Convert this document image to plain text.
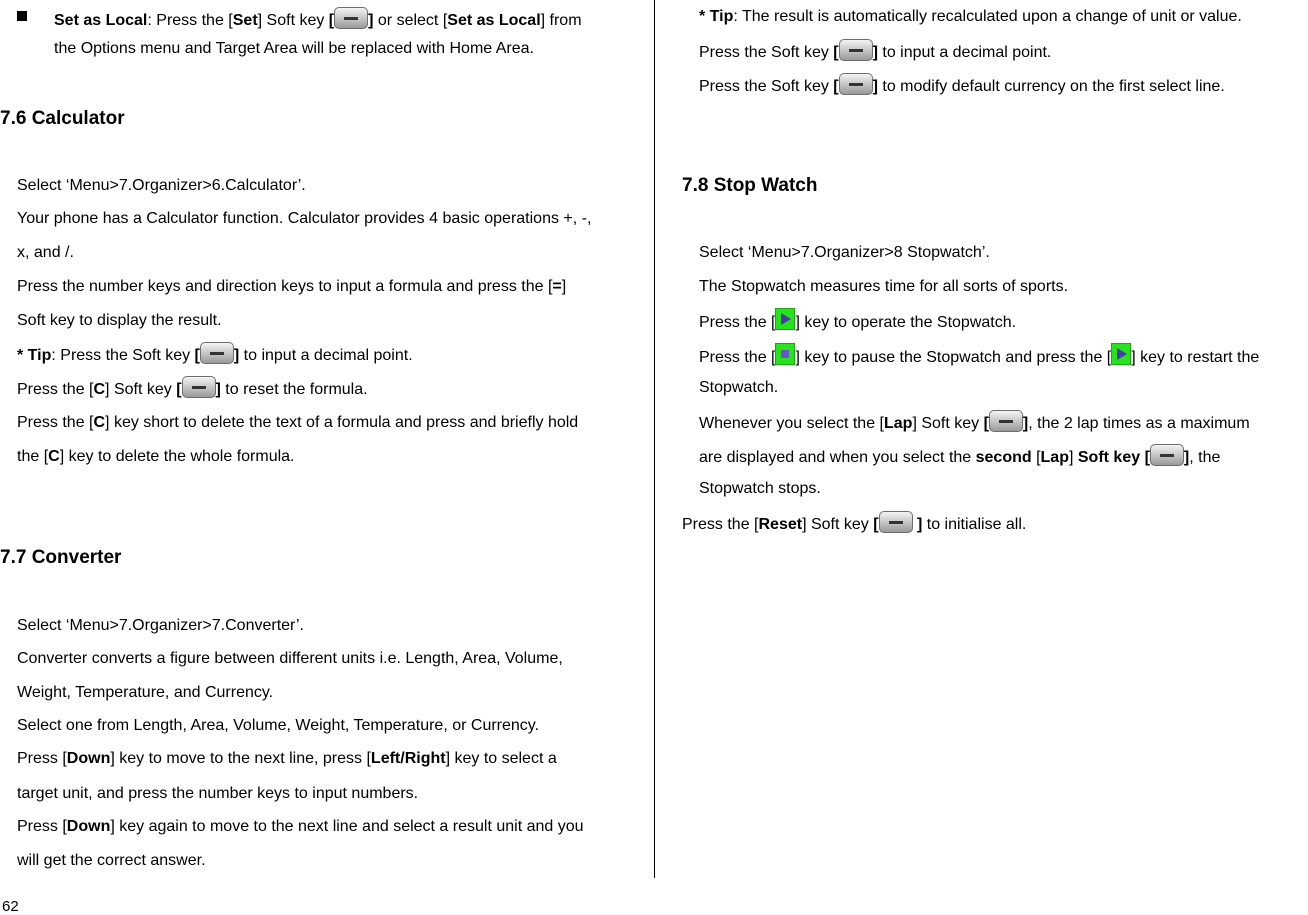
Set as Local: Press the [Set] Soft key [ ] or select [Set as Local] from

the Options menu and Target Area will be replaced with Home Area.

7.6 Calculator

Select ‘Menu>7.Organizer>6.Calculator’.

Your phone has a Calculator function. Calculator provides 4 basic operations +, -,

x, and /.

Press the number keys and direction keys to input a formula and press the [=]

Soft key to display the result.

* Tip: Press the Soft key [ ] to input a decimal point.

Press the [C] Soft key [ ] to reset the formula.

Press the [C] key short to delete the text of a formula and press and briefly hold

the [C] key to delete the whole formula.

7.7 Converter

Select ‘Menu>7.Organizer>7.Converter’.

Converter converts a figure between different units i.e. Length, Area, Volume,

Weight, Temperature, and Currency.

Select one from Length, Area, Volume, Weight, Temperature, or Currency.

Press [Down] key to move to the next line, press [Left/Right] key to select a

target unit, and press the number keys to input numbers.

Press [Down] key again to move to the next line and select a result unit and you

will get the correct answer.

* Tip: The result is automatically recalculated upon a change of unit or value.

Press the Soft key [ ] to input a decimal point.

Press the Soft key [ ] to modify default currency on the first select line.

7.8 Stop Watch

Select ‘Menu>7.Organizer>8 Stopwatch’.

The Stopwatch measures time for all sorts of sports.

Press the [ ] key to operate the Stopwatch.

Press the [ ] key to pause the Stopwatch and press the [ ] key to restart the

Stopwatch.

Whenever you select the [Lap] Soft key [ ], the 2 lap times as a maximum

are displayed and when you select the second [Lap] Soft key [ ], the

Stopwatch stops.

Press the [Reset] Soft key [ ] to initialise all.

62
